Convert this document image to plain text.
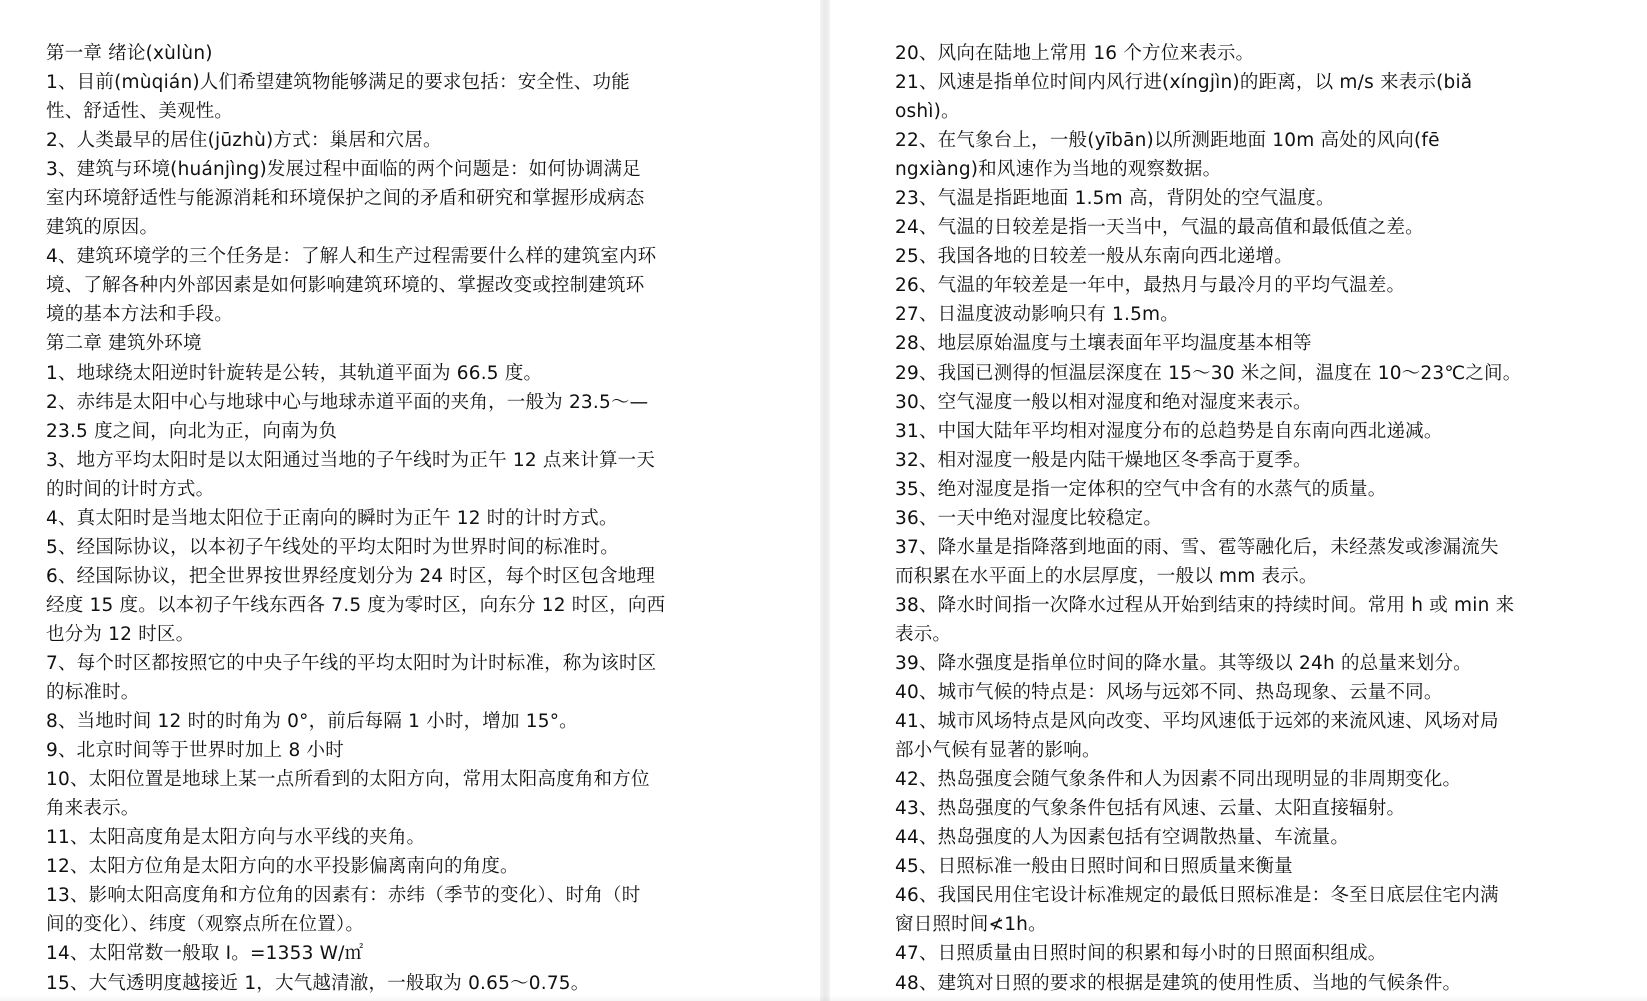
第一章 绪论(xùlùn)
1、目前(mùqián)人们希望建筑物能够满足的要求包括：安全性、功能
性、舒适性、美观性。
2、人类最早的居住(jūzhù)方式：巢居和穴居。
3、建筑与环境(huánjìng)发展过程中面临的两个问题是：如何协调满足
室内环境舒适性与能源消耗和环境保护之间的矛盾和研究和掌握形成病态
建筑的原因。
4、建筑环境学的三个任务是：了解人和生产过程需要什么样的建筑室内环
境、了解各种内外部因素是如何影响建筑环境的、掌握改变或控制建筑环
境的基本方法和手段。
第二章 建筑外环境
1、地球绕太阳逆时针旋转是公转，其轨道平面为 66.5 度。
2、赤纬是太阳中心与地球中心与地球赤道平面的夹角，一般为 23.5～—
23.5 度之间，向北为正，向南为负
3、地方平均太阳时是以太阳通过当地的子午线时为正午 12 点来计算一天
的时间的计时方式。
4、真太阳时是当地太阳位于正南向的瞬时为正午 12 时的计时方式。
5、经国际协议，以本初子午线处的平均太阳时为世界时间的标准时。
6、经国际协议，把全世界按世界经度划分为 24 时区，每个时区包含地理
经度 15 度。以本初子午线东西各 7.5 度为零时区，向东分 12 时区，向西
也分为 12 时区。
7、每个时区都按照它的中央子午线的平均太阳时为计时标准，称为该时区
的标准时。
8、当地时间 12 时的时角为 0°，前后每隔 1 小时，增加 15°。
9、北京时间等于世界时加上 8 小时
10、太阳位置是地球上某一点所看到的太阳方向，常用太阳高度角和方位
角来表示。
11、太阳高度角是太阳方向与水平线的夹角。
12、太阳方位角是太阳方向的水平投影偏离南向的角度。
13、影响太阳高度角和方位角的因素有：赤纬（季节的变化）、时角（时
间的变化）、纬度（观察点所在位置）。
14、太阳常数一般取 I。=1353 W/㎡
15、大气透明度越接近 1，大气越清澈，一般取为 0.65～0.75。
20、风向在陆地上常用 16 个方位来表示。
21、风速是指单位时间内风行进(xíngjìn)的距离，以 m/s 来表示(biǎ
oshì)。
22、在气象台上，一般(yībān)以所测距地面 10m 高处的风向(fē
ngxiàng)和风速作为当地的观察数据。
23、气温是指距地面 1.5m 高，背阴处的空气温度。
24、气温的日较差是指一天当中，气温的最高值和最低值之差。
25、我国各地的日较差一般从东南向西北递增。
26、气温的年较差是一年中，最热月与最冷月的平均气温差。
27、日温度波动影响只有 1.5m。
28、地层原始温度与土壤表面年平均温度基本相等
29、我国已测得的恒温层深度在 15～30 米之间，温度在 10～23℃之间。
30、空气湿度一般以相对湿度和绝对湿度来表示。
31、中国大陆年平均相对湿度分布的总趋势是自东南向西北递减。
32、相对湿度一般是内陆干燥地区冬季高于夏季。
35、绝对湿度是指一定体积的空气中含有的水蒸气的质量。
36、一天中绝对湿度比较稳定。
37、降水量是指降落到地面的雨、雪、雹等融化后，未经蒸发或渗漏流失
而积累在水平面上的水层厚度，一般以 mm 表示。
38、降水时间指一次降水过程从开始到结束的持续时间。常用 h 或 min 来
表示。
39、降水强度是指单位时间的降水量。其等级以 24h 的总量来划分。
40、城市气候的特点是：风场与远郊不同、热岛现象、云量不同。
41、城市风场特点是风向改变、平均风速低于远郊的来流风速、风场对局
部小气候有显著的影响。
42、热岛强度会随气象条件和人为因素不同出现明显的非周期变化。
43、热岛强度的气象条件包括有风速、云量、太阳直接辐射。
44、热岛强度的人为因素包括有空调散热量、车流量。
45、日照标准一般由日照时间和日照质量来衡量
46、我国民用住宅设计标准规定的最低日照标准是：冬至日底层住宅内满
窗日照时间≮1h。
47、日照质量由日照时间的积累和每小时的日照面积组成。
48、建筑对日照的要求的根据是建筑的使用性质、当地的气候条件。
